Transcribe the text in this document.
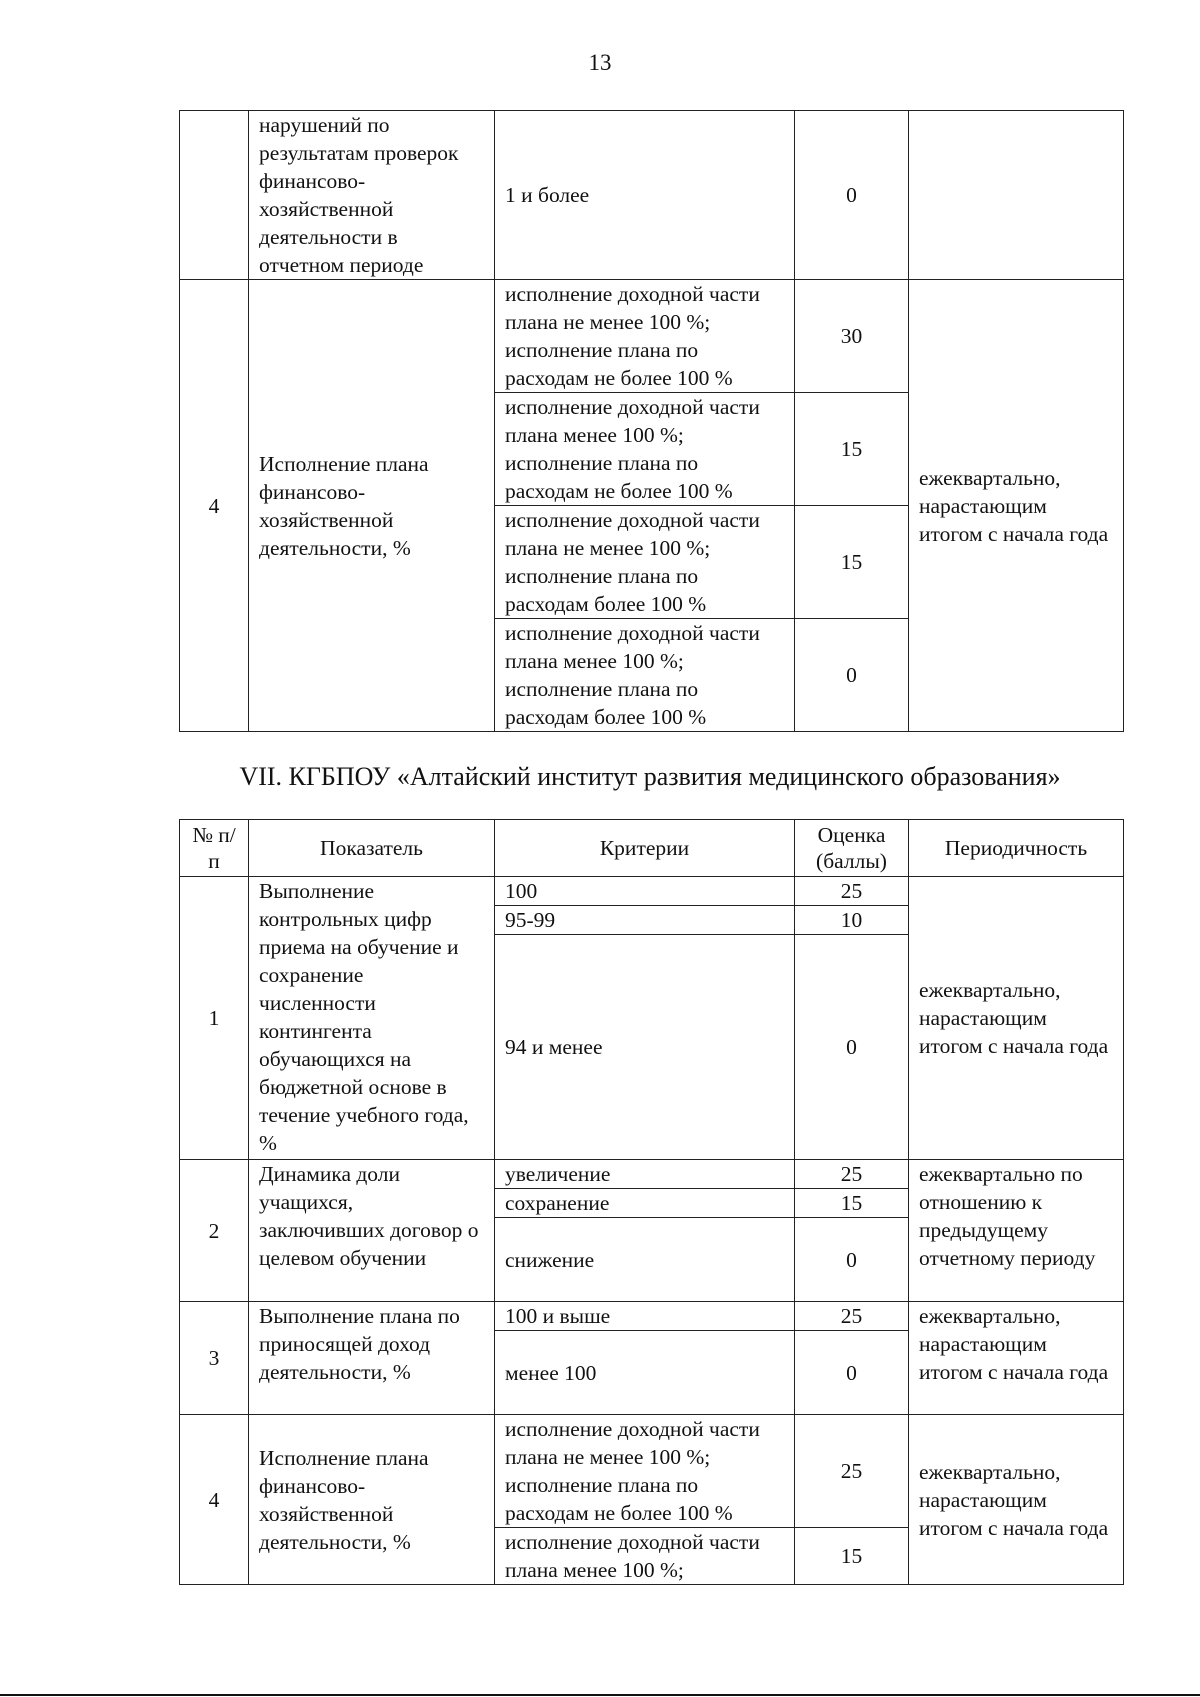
13
	нарушений по результатам проверок финансово-хозяйственной деятельности в отчетном периоде	1 и более	0	
4	Исполнение плана финансово-хозяйственной деятельности, %	исполнение доходной части плана не менее 100 %; исполнение плана по расходам не более 100 %	30	ежеквартально, нарастающим итогом с начала года
		исполнение доходной части плана менее 100 %; исполнение плана по расходам не более 100 %	15	
		исполнение доходной части плана не менее 100 %; исполнение плана по расходам более 100 %	15	
		исполнение доходной части плана менее 100 %; исполнение плана по расходам более 100 %	0	
VII. КГБПОУ «Алтайский институт развития медицинского образования»
№ п/п	Показатель	Критерии	Оценка (баллы)	Периодичность
1	Выполнение контрольных цифр приема на обучение и сохранение численности контингента обучающихся на бюджетной основе в течение учебного года, %	100	25	ежеквартально, нарастающим итогом с начала года
		95-99	10	
		94 и менее	0	
2	Динамика доли учащихся, заключивших договор о целевом обучении	увеличение	25	ежеквартально по отношению к предыдущему отчетному периоду
		сохранение	15	
		снижение	0	
3	Выполнение плана по приносящей доход деятельности, %	100 и выше	25	ежеквартально, нарастающим итогом с начала года
		менее 100	0	
4	Исполнение плана финансово-хозяйственной деятельности, %	исполнение доходной части плана не менее 100 %; исполнение плана по расходам не более 100 %	25	ежеквартально, нарастающим итогом с начала года
		исполнение доходной части плана менее 100 %;	15	
